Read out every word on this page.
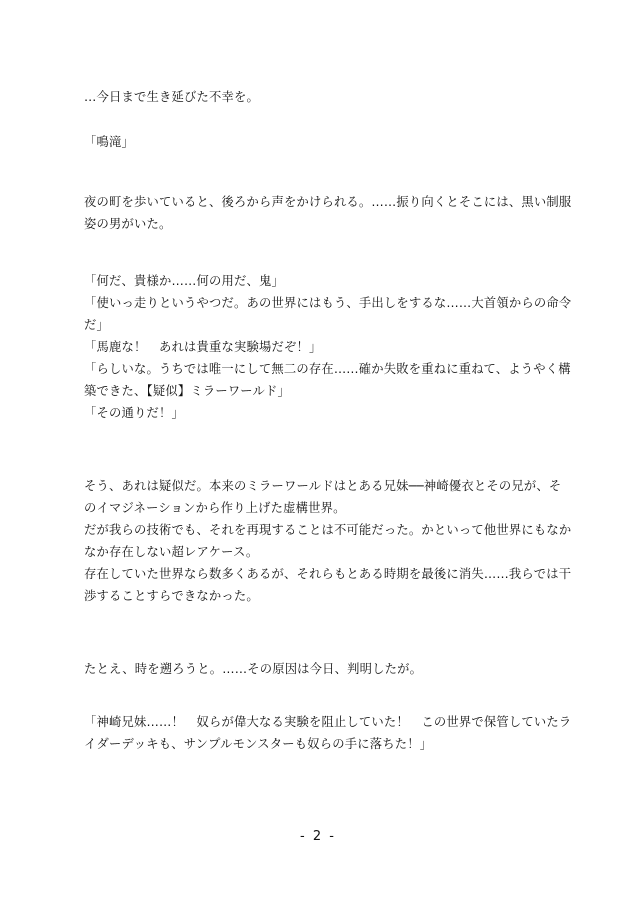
…今日まで生き延びた不幸を。
「鳴滝」
夜の町を歩いていると、後ろから声をかけられる。……振り向くとそこには、黒い制服
姿の男がいた。
「何だ、貴様か……何の用だ、鬼」
「使いっ走りというやつだ。あの世界にはもう、手出しをするな……大首領からの命令
だ」
「馬鹿な！　あれは貴重な実験場だぞ！」
「らしいな。うちでは唯一にして無二の存在……確か失敗を重ねに重ねて、ようやく構
築できた、【疑似】ミラーワールド」
「その通りだ！」
そう、あれは疑似だ。本来のミラーワールドはとある兄妹──神崎優衣とその兄が、そ
のイマジネーションから作り上げた虚構世界。
だが我らの技術でも、それを再現することは不可能だった。かといって他世界にもなか
なか存在しない超レアケース。
存在していた世界なら数多くあるが、それらもとある時期を最後に消失……我らでは干
渉することすらできなかった。
たとえ、時を遡ろうと。……その原因は今日、判明したが。
「神崎兄妹……！　奴らが偉大なる実験を阻止していた！　この世界で保管していたラ
イダーデッキも、サンプルモンスターも奴らの手に落ちた！」
- 2 -
